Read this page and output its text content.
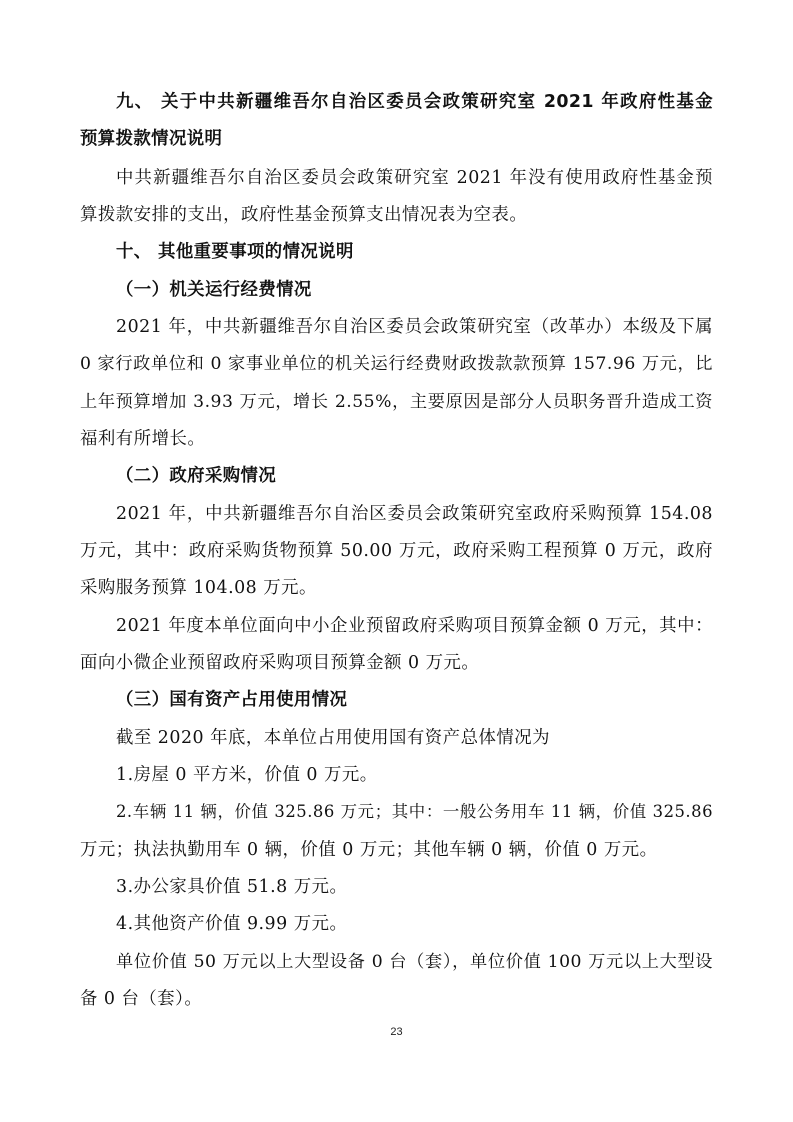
九、 关于中共新疆维吾尔自治区委员会政策研究室 2021 年政府性基金

预算拨款情况说明

中共新疆维吾尔自治区委员会政策研究室 2021 年没有使用政府性基金预

算拨款安排的支出，政府性基金预算支出情况表为空表。

十、 其他重要事项的情况说明

（一）机关运行经费情况

2021 年，中共新疆维吾尔自治区委员会政策研究室（改革办）本级及下属

0 家行政单位和 0 家事业单位的机关运行经费财政拨款款预算 157.96 万元，比

上年预算增加 3.93 万元，增长 2.55%，主要原因是部分人员职务晋升造成工资

福利有所增长。

（二）政府采购情况

2021 年，中共新疆维吾尔自治区委员会政策研究室政府采购预算 154.08

万元，其中：政府采购货物预算 50.00 万元，政府采购工程预算 0 万元，政府

采购服务预算 104.08 万元。

2021 年度本单位面向中小企业预留政府采购项目预算金额 0 万元，其中：

面向小微企业预留政府采购项目预算金额 0 万元。

（三）国有资产占用使用情况

截至 2020 年底，本单位占用使用国有资产总体情况为

1.房屋 0 平方米，价值 0 万元。

2.车辆 11 辆，价值 325.86 万元；其中：一般公务用车 11 辆，价值 325.86

万元；执法执勤用车 0 辆，价值 0 万元；其他车辆 0 辆，价值 0 万元。

3.办公家具价值 51.8 万元。

4.其他资产价值 9.99 万元。

单位价值 50 万元以上大型设备 0 台（套），单位价值 100 万元以上大型设

备 0 台（套）。

23
